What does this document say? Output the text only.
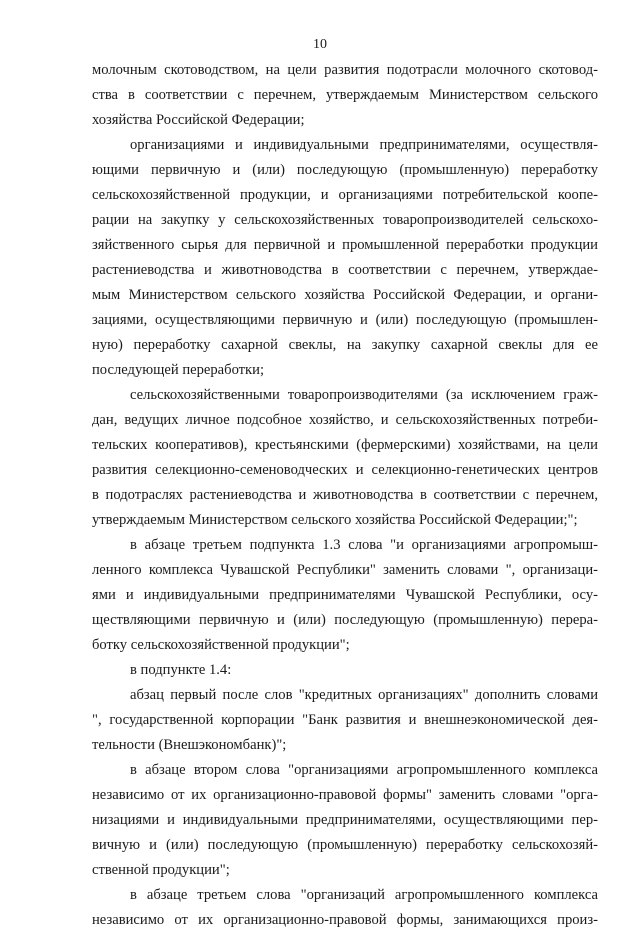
10
молочным скотоводством, на цели развития подотрасли молочного скотовод-
ства в соответствии с перечнем, утверждаемым Министерством сельского
хозяйства Российской Федерации;
организациями и индивидуальными предпринимателями, осуществля-
ющими первичную и (или) последующую (промышленную) переработку
сельскохозяйственной продукции, и организациями потребительской коопе-
рации на закупку у сельскохозяйственных товаропроизводителей сельскохо-
зяйственного сырья для первичной и промышленной переработки продукции
растениеводства и животноводства в соответствии с перечнем, утверждае-
мым Министерством сельского хозяйства Российской Федерации, и органи-
зациями, осуществляющими первичную и (или) последующую (промышлен-
ную) переработку сахарной свеклы, на закупку сахарной свеклы для ее
последующей переработки;
сельскохозяйственными товаропроизводителями (за исключением граж-
дан, ведущих личное подсобное хозяйство, и сельскохозяйственных потреби-
тельских кооперативов), крестьянскими (фермерскими) хозяйствами, на цели
развития селекционно-семеноводческих и селекционно-генетических центров
в подотраслях растениеводства и животноводства в соответствии с перечнем,
утверждаемым Министерством сельского хозяйства Российской Федерации;";
в абзаце третьем подпункта 1.3 слова "и организациями агропромыш-
ленного комплекса Чувашской Республики" заменить словами ", организаци-
ями и индивидуальными предпринимателями Чувашской Республики, осу-
ществляющими первичную и (или) последующую (промышленную) перера-
ботку сельскохозяйственной продукции";
в подпункте 1.4:
абзац первый после слов "кредитных организациях" дополнить словами
", государственной корпорации "Банк развития и внешнеэкономической дея-
тельности (Внешэкономбанк)";
в абзаце втором слова "организациями агропромышленного комплекса
независимо от их организационно-правовой формы" заменить словами "орга-
низациями и индивидуальными предпринимателями, осуществляющими пер-
вичную и (или) последующую (промышленную) переработку сельскохозяй-
ственной продукции";
в абзаце третьем слова "организаций агропромышленного комплекса
независимо от их организационно-правовой формы, занимающихся произ-
